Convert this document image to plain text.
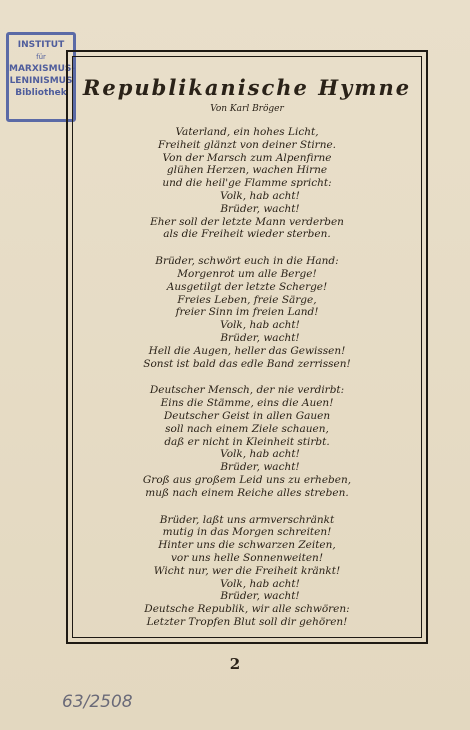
INSTITUT
für
MARXISMUS-
LENINISMUS
Bibliothek Republikanische Hymne
Von Karl Bröger
Vaterland, ein hohes Licht,
Freiheit glänzt von deiner Stirne.
Von der Marsch zum Alpenfirne
glühen Herzen, wachen Hirne
und die heil'ge Flamme spricht:
Volk, hab acht!
Brüder, wacht!
Eher soll der letzte Mann verderben
als die Freiheit wieder sterben.
Brüder, schwört euch in die Hand:
Morgenrot um alle Berge!
Ausgetilgt der letzte Scherge!
Freies Leben, freie Särge,
freier Sinn im freien Land!
Volk, hab acht!
Brüder, wacht!
Hell die Augen, heller das Gewissen!
Sonst ist bald das edle Band zerrissen!
Deutscher Mensch, der nie verdirbt:
Eins die Stämme, eins die Auen!
Deutscher Geist in allen Gauen
soll nach einem Ziele schauen,
daß er nicht in Kleinheit stirbt.
Volk, hab acht!
Brüder, wacht!
Groß aus großem Leid uns zu erheben,
muß nach einem Reiche alles streben.
Brüder, laßt uns armverschränkt
mutig in das Morgen schreiten!
Hinter uns die schwarzen Zeiten,
vor uns helle Sonnenweiten!
Wicht nur, wer die Freiheit kränkt!
Volk, hab acht!
Brüder, wacht!
Deutsche Republik, wir alle schwören:
Letzter Tropfen Blut soll dir gehören!
2
63/2508
